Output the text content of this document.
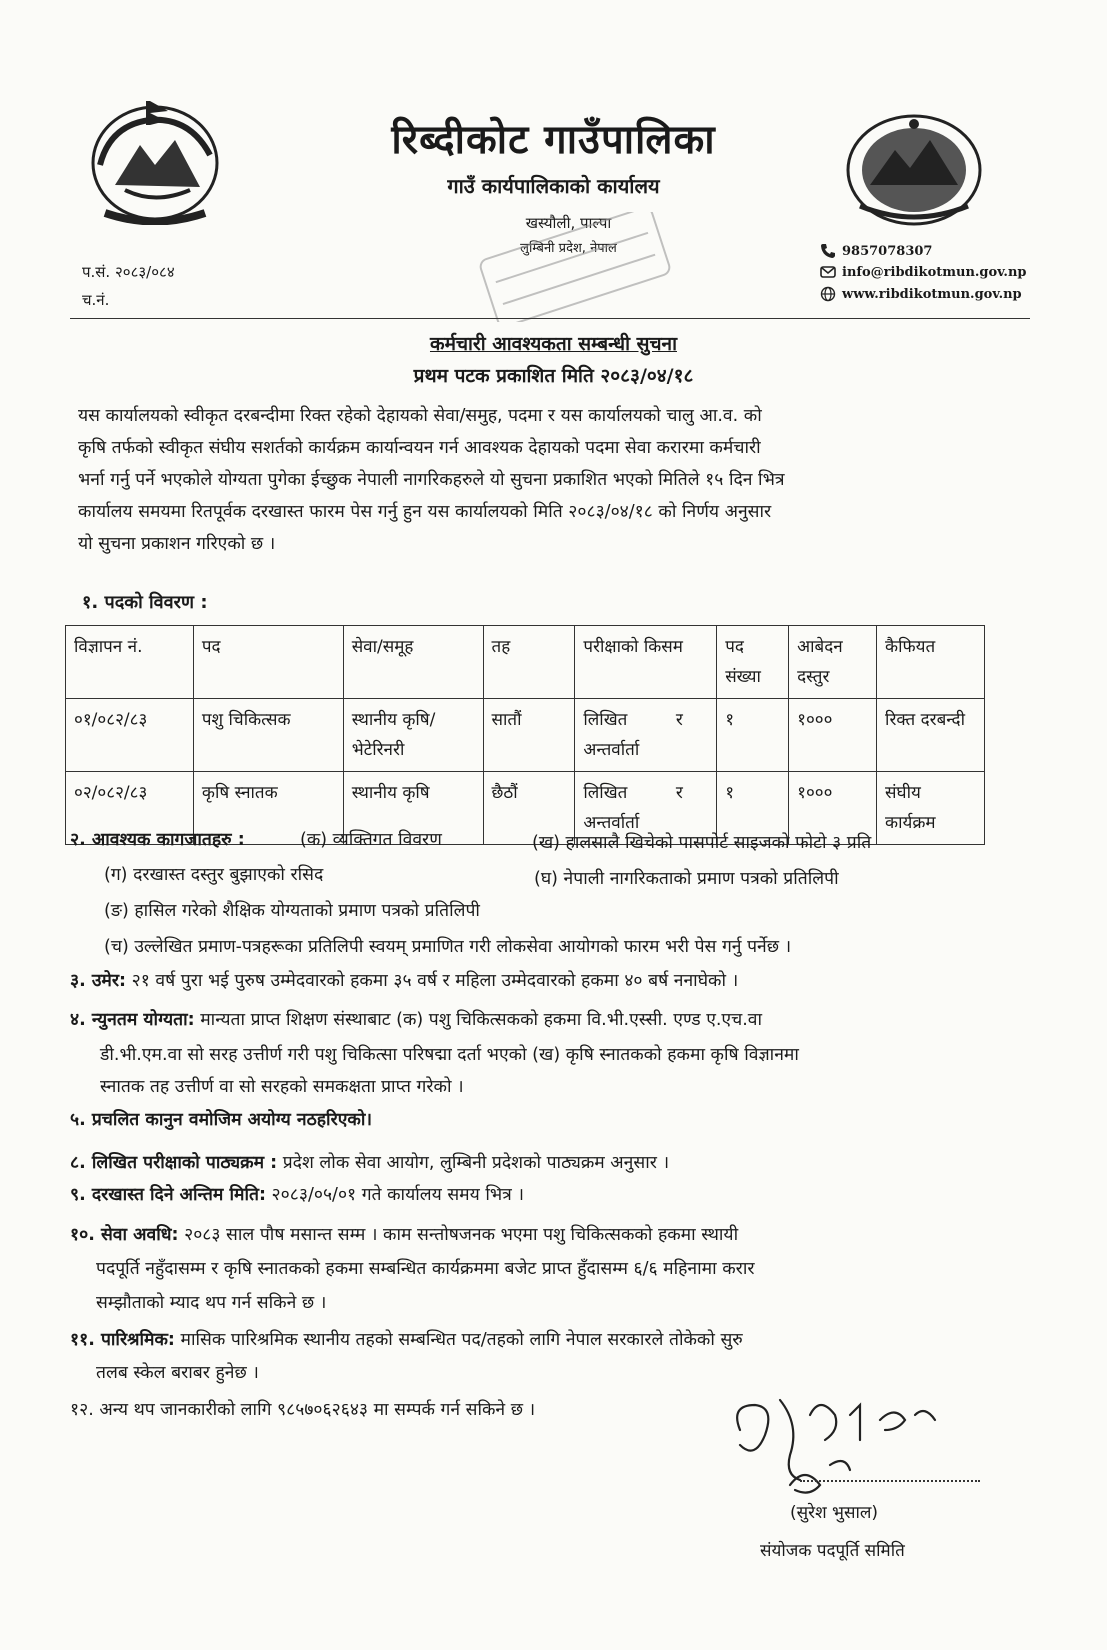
रिब्दीकोट गाउँपालिका
गाउँ कार्यपालिकाको कार्यालय
खस्यौली, पाल्पा
लुम्बिनी प्रदेश, नेपाल
प.सं. २०८३/०८४
च.नं.
9857078307
info@ribdikotmun.gov.np
www.ribdikotmun.gov.np
कर्मचारी आवश्यकता सम्बन्धी सुचना
प्रथम पटक प्रकाशित मिति २०८३/०४/१८
यस कार्यालयको स्वीकृत दरबन्दीमा रिक्त रहेको देहायको सेवा/समुह, पदमा र यस कार्यालयको चालु आ.व. को
कृषि तर्फको स्वीकृत संघीय सशर्तको कार्यक्रम कार्यान्वयन गर्न आवश्यक देहायको पदमा सेवा करारमा कर्मचारी
भर्ना गर्नु पर्ने भएकोले योग्यता पुगेका ईच्छुक नेपाली नागरिकहरुले यो सुचना प्रकाशित भएको मितिले १५ दिन भित्र
कार्यालय समयमा रितपूर्वक दरखास्त फारम पेस गर्नु हुन यस कार्यालयको मिति २०८३/०४/१८ को निर्णय अनुसार
यो सुचना प्रकाशन गरिएको छ ।
१. पदको विवरण :
विज्ञापन नं.	पद	सेवा/समूह	तह	परीक्षाको किसम	पद संख्या	आबेदन दस्तुर	कैफियत
०१/०८२/८३	पशु चिकित्सक	स्थानीय कृषि/भेटेरिनरी	सातौं	लिखित         र अन्तर्वार्ता	१	१०००	रिक्त दरबन्दी
०२/०८२/८३	कृषि स्नातक	स्थानीय कृषि	छैठौं	लिखित         र अन्तर्वार्ता	१	१०००	संघीय कार्यक्रम
२. आवश्यक कागजातहरु :	(क) व्यक्तिगत विवरण	(ख) हालसालै खिचेको पासपोर्ट साइजको फोटो ३ प्रति
(ग) दरखास्त दस्तुर बुझाएको रसिद	(घ) नेपाली नागरिकताको प्रमाण पत्रको प्रतिलिपी
(ङ) हासिल गरेको शैक्षिक योग्यताको प्रमाण पत्रको प्रतिलिपी
(च) उल्लेखित प्रमाण-पत्रहरूका प्रतिलिपी स्वयम् प्रमाणित गरी लोकसेवा आयोगको फारम भरी पेस गर्नु पर्नेछ ।
३. उमेर: २१ वर्ष पुरा भई पुरुष उम्मेदवारको हकमा ३५ वर्ष र महिला उम्मेदवारको हकमा ४० बर्ष ननाघेको ।
४. न्युनतम योग्यता: मान्यता प्राप्त शिक्षण संस्थाबाट (क) पशु चिकित्सकको हकमा वि.भी.एस्सी. एण्ड ए.एच.वा
डी.भी.एम.वा सो सरह उत्तीर्ण गरी पशु चिकित्सा परिषद्मा दर्ता भएको (ख) कृषि स्नातकको हकमा कृषि विज्ञानमा
स्नातक तह उत्तीर्ण वा सो सरहको समकक्षता प्राप्त गरेको ।
५. प्रचलित कानुन वमोजिम अयोग्य नठहरिएको।
८. लिखित परीक्षाको पाठ्यक्रम : प्रदेश लोक सेवा आयोग, लुम्बिनी प्रदेशको पाठ्यक्रम अनुसार ।
९. दरखास्त दिने अन्तिम मिति: २०८३/०५/०१ गते कार्यालय समय भित्र ।
१०. सेवा अवधि: २०८३ साल पौष मसान्त सम्म । काम सन्तोषजनक भएमा पशु चिकित्सकको हकमा स्थायी
पदपूर्ति नहुँदासम्म र कृषि स्नातकको हकमा सम्बन्धित कार्यक्रममा बजेट प्राप्त हुँदासम्म ६/६ महिनामा करार
सम्झौताको म्याद थप गर्न सकिने छ ।
११. पारिश्रमिक: मासिक पारिश्रमिक स्थानीय तहको सम्बन्धित पद/तहको लागि नेपाल सरकारले तोकेको सुरु
तलब स्केल बराबर हुनेछ ।
१२. अन्य थप जानकारीको लागि ९८५७०६२६४३ मा सम्पर्क गर्न सकिने छ ।
(सुरेश भुसाल)
संयोजक पदपूर्ति समिति
